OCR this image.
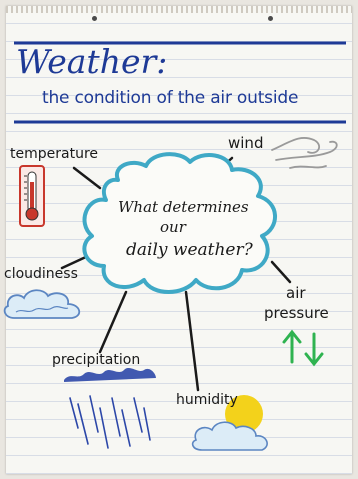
Weather:
the condition of the air outside
What determines
our
daily weather?
temperature
wind
cloudiness
air
pressure
precipitation
humidity
